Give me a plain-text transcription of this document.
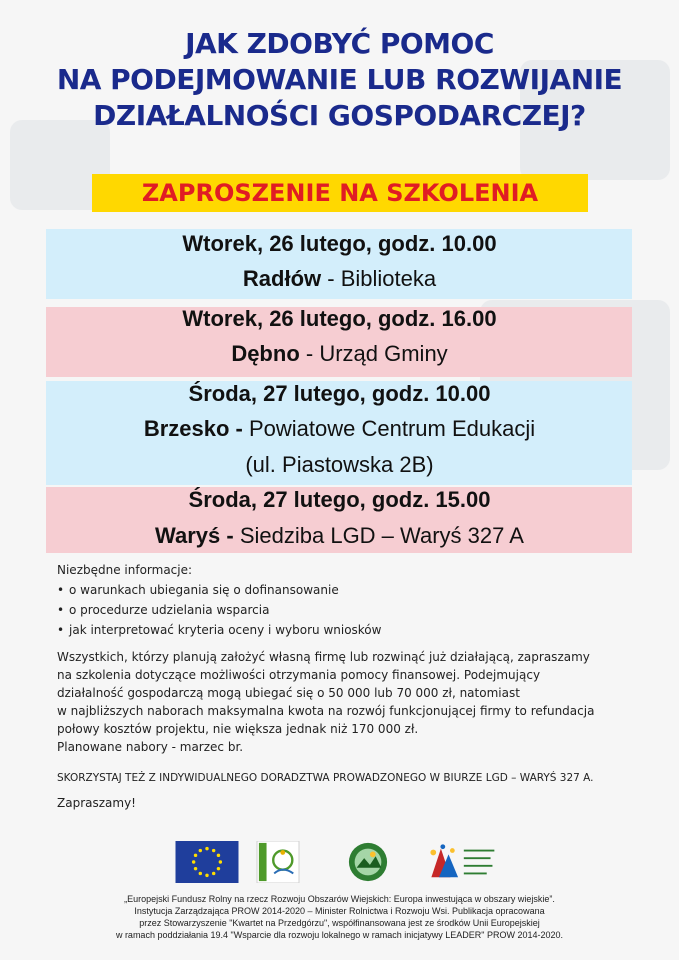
JAK ZDOBYĆ POMOC
NA PODEJMOWANIE LUB ROZWIJANIE
DZIAŁALNOŚCI GOSPODARCZEJ?
ZAPROSZENIE NA SZKOLENIA
Wtorek, 26 lutego, godz. 10.00
Radłów - Biblioteka
Wtorek, 26 lutego, godz. 16.00
Dębno - Urząd Gminy
Środa, 27 lutego, godz. 10.00
Brzesko - Powiatowe Centrum Edukacji
(ul. Piastowska 2B)
Środa, 27 lutego, godz. 15.00
Waryś - Siedziba LGD – Waryś 327 A
Niezbędne informacje:
• o warunkach ubiegania się o dofinansowanie
• o procedurze udzielania wsparcia
• jak interpretować kryteria oceny i wyboru wniosków
Wszystkich, którzy planują założyć własną firmę lub rozwinąć już działającą, zapraszamy
na szkolenia dotyczące możliwości otrzymania pomocy finansowej. Podejmujący
działalność gospodarczą mogą ubiegać się o 50 000 lub 70 000 zł, natomiast
w najbliższych naborach maksymalna kwota na rozwój funkcjonującej firmy to refundacja
połowy kosztów projektu, nie większa jednak niż 170 000 zł.
Planowane nabory - marzec br.
SKORZYSTAJ TEŻ Z INDYWIDUALNEGO DORADZTWA PROWADZONEGO W BIURZE LGD – WARYŚ 327 A.
Zapraszamy!
„Europejski Fundusz Rolny na rzecz Rozwoju Obszarów Wiejskich: Europa inwestująca w obszary wiejskie”.
Instytucja Zarządzająca PROW 2014-2020 – Minister Rolnictwa i Rozwoju Wsi. Publikacja opracowana
przez Stowarzyszenie "Kwartet na Przedgórzu", współfinansowana jest ze środków Unii Europejskiej
w ramach poddziałania 19.4 "Wsparcie dla rozwoju lokalnego w ramach inicjatywy LEADER" PROW 2014-2020.
